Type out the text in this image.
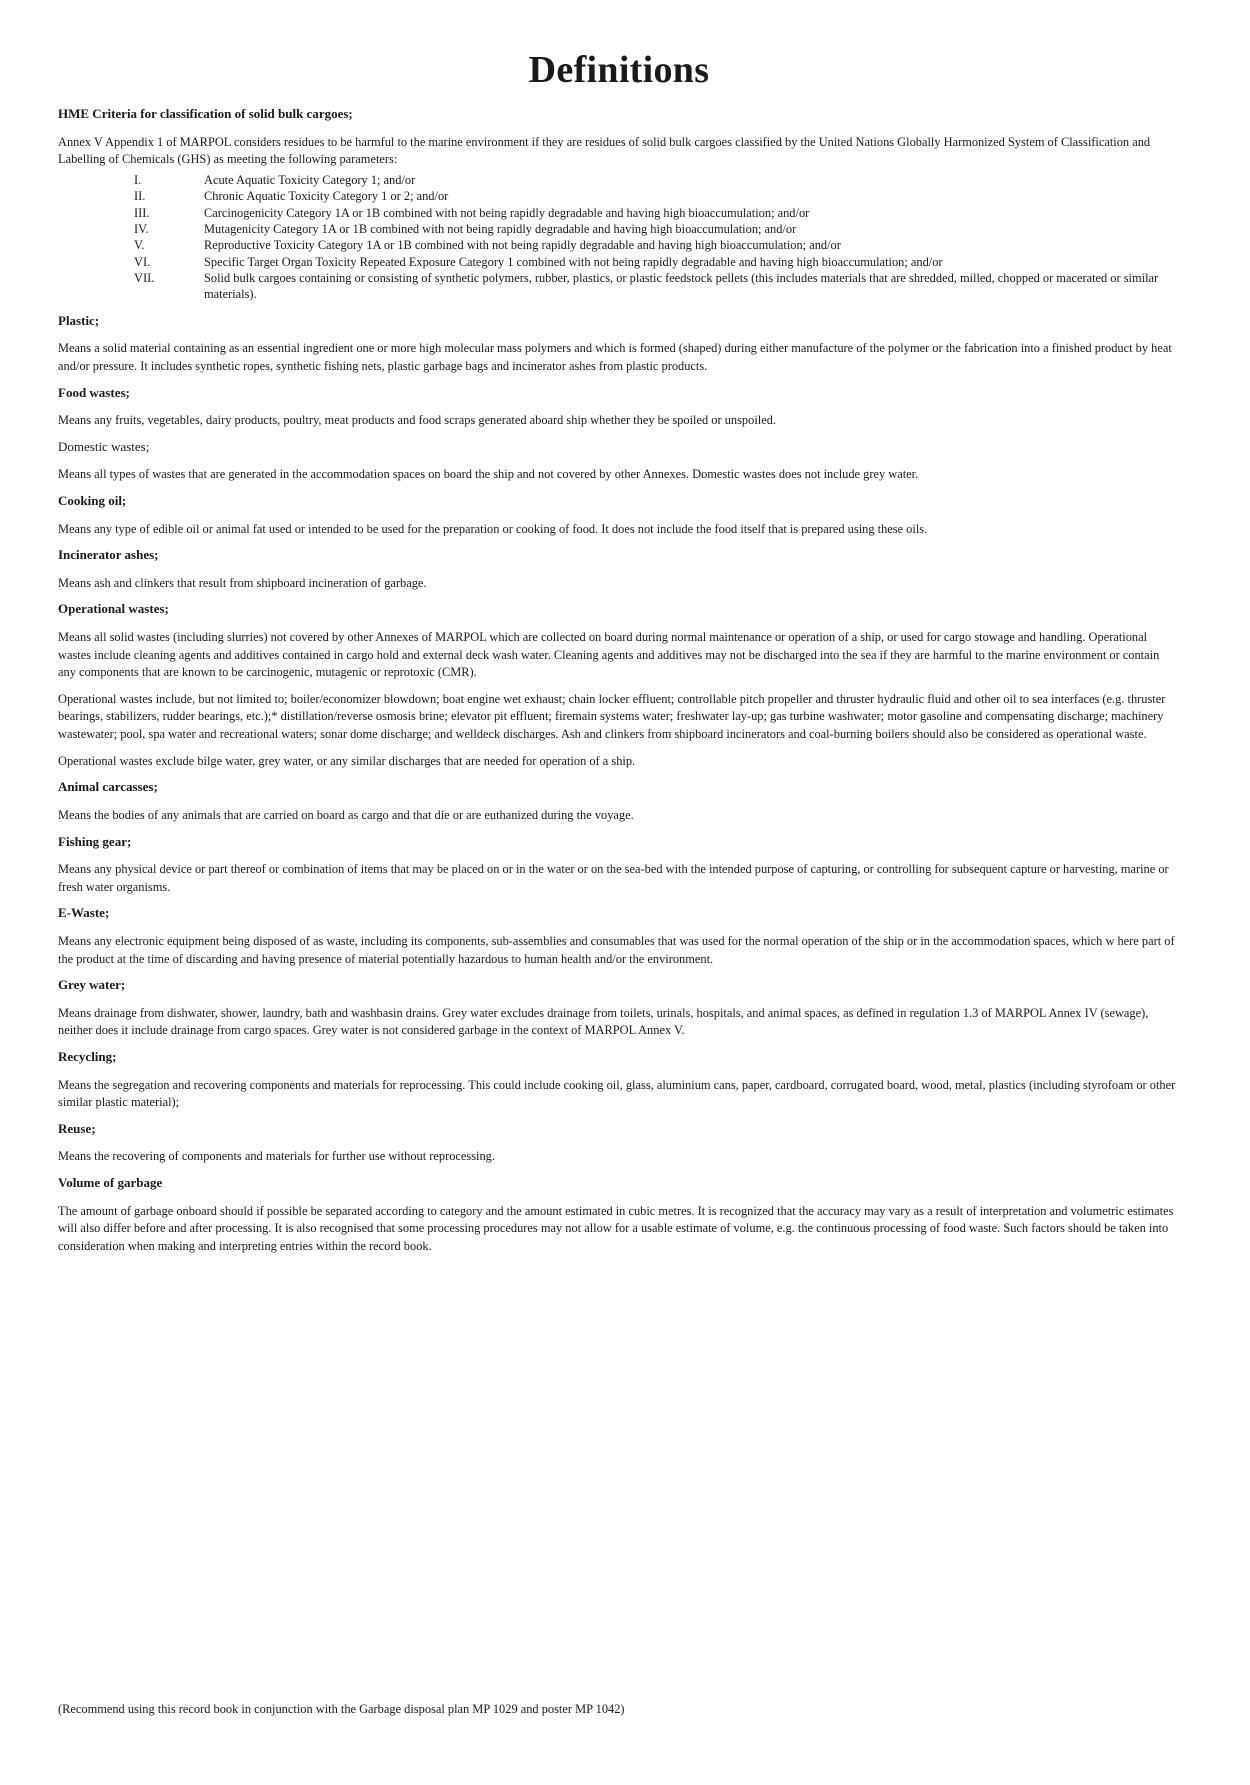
Definitions
HME Criteria for classification of solid bulk cargoes;

Annex V Appendix 1 of MARPOL considers residues to be harmful to the marine environment if they are residues of solid bulk cargoes classified by the United Nations Globally Harmonized System of Classification and Labelling of Chemicals (GHS) as meeting the following parameters:

I.	Acute Aquatic Toxicity Category 1; and/or
II.	Chronic Aquatic Toxicity Category 1 or 2; and/or
III.	Carcinogenicity Category 1A or 1B combined with not being rapidly degradable and having high bioaccumulation; and/or
IV.	Mutagenicity Category 1A or 1B combined with not being rapidly degradable and having high bioaccumulation; and/or
V.	Reproductive Toxicity Category 1A or 1B combined with not being rapidly degradable and having high bioaccumulation; and/or
VI.	Specific Target Organ Toxicity Repeated Exposure Category 1 combined with not being rapidly degradable and having high bioaccumulation; and/or
VII.	Solid bulk cargoes containing or consisting of synthetic polymers, rubber, plastics, or plastic feedstock pellets (this includes materials that are shredded, milled, chopped or macerated or similar materials).
Plastic;

Means a solid material containing as an essential ingredient one or more high molecular mass polymers and which is formed (shaped) during either manufacture of the polymer or the fabrication into a finished product by heat and/or pressure. It includes synthetic ropes, synthetic fishing nets, plastic garbage bags and incinerator ashes from plastic products.

Food wastes;

Means any fruits, vegetables, dairy products, poultry, meat products and food scraps generated aboard ship whether they be spoiled or unspoiled.

Domestic wastes;

Means all types of wastes that are generated in the accommodation spaces on board the ship and not covered by other Annexes. Domestic wastes does not include grey water.

Cooking oil;

Means any type of edible oil or animal fat used or intended to be used for the preparation or cooking of food. It does not include the food itself that is prepared using these oils.

Incinerator ashes;

Means ash and clinkers that result from shipboard incineration of garbage.

Operational wastes;

Means all solid wastes (including slurries) not covered by other Annexes of MARPOL which are collected on board during normal maintenance or operation of a ship, or used for cargo stowage and handling. Operational wastes include cleaning agents and additives contained in cargo hold and external deck wash water. Cleaning agents and additives may not be discharged into the sea if they are harmful to the marine environment or contain any components that are known to be carcinogenic, mutagenic or reprotoxic (CMR).

Operational wastes include, but not limited to; boiler/economizer blowdown; boat engine wet exhaust; chain locker effluent; controllable pitch propeller and thruster hydraulic fluid and other oil to sea interfaces (e.g. thruster bearings, stabilizers, rudder bearings, etc.);* distillation/reverse osmosis brine; elevator pit effluent; firemain systems water; freshwater lay-up; gas turbine washwater; motor gasoline and compensating discharge; machinery wastewater; pool, spa water and recreational waters; sonar dome discharge; and welldeck discharges. Ash and clinkers from shipboard incinerators and coal-burning boilers should also be considered as operational waste.

Operational wastes exclude bilge water, grey water, or any similar discharges that are needed for operation of a ship.

Animal carcasses;

Means the bodies of any animals that are carried on board as cargo and that die or are euthanized during the voyage.

Fishing gear;

Means any physical device or part thereof or combination of items that may be placed on or in the water or on the sea-bed with the intended purpose of capturing, or controlling for subsequent capture or harvesting, marine or fresh water organisms.

E-Waste;

Means any electronic equipment being disposed of as waste, including its components, sub-assemblies and consumables that was used for the normal operation of the ship or in the accommodation spaces, which w here part of the product at the time of discarding and having presence of material potentially hazardous to human health and/or the environment.

Grey water;

Means drainage from dishwater, shower, laundry, bath and washbasin drains. Grey water excludes drainage from toilets, urinals, hospitals, and animal spaces, as defined in regulation 1.3 of MARPOL Annex IV (sewage), neither does it include drainage from cargo spaces. Grey water is not considered garbage in the context of MARPOL Annex V.

Recycling;

Means the segregation and recovering components and materials for reprocessing. This could include cooking oil, glass, aluminium cans, paper, cardboard, corrugated board, wood, metal, plastics (including styrofoam or other similar plastic material);

Reuse;

Means the recovering of components and materials for further use without reprocessing.

Volume of garbage

The amount of garbage onboard should if possible be separated according to category and the amount estimated in cubic metres. It is recognized that the accuracy may vary as a result of interpretation and volumetric estimates will also differ before and after processing. It is also recognised that some processing procedures may not allow for a usable estimate of volume, e.g. the continuous processing of food waste. Such factors should be taken into consideration when making and interpreting entries within the record book.

(Recommend using this record book in conjunction with the Garbage disposal plan MP 1029 and poster MP 1042)
